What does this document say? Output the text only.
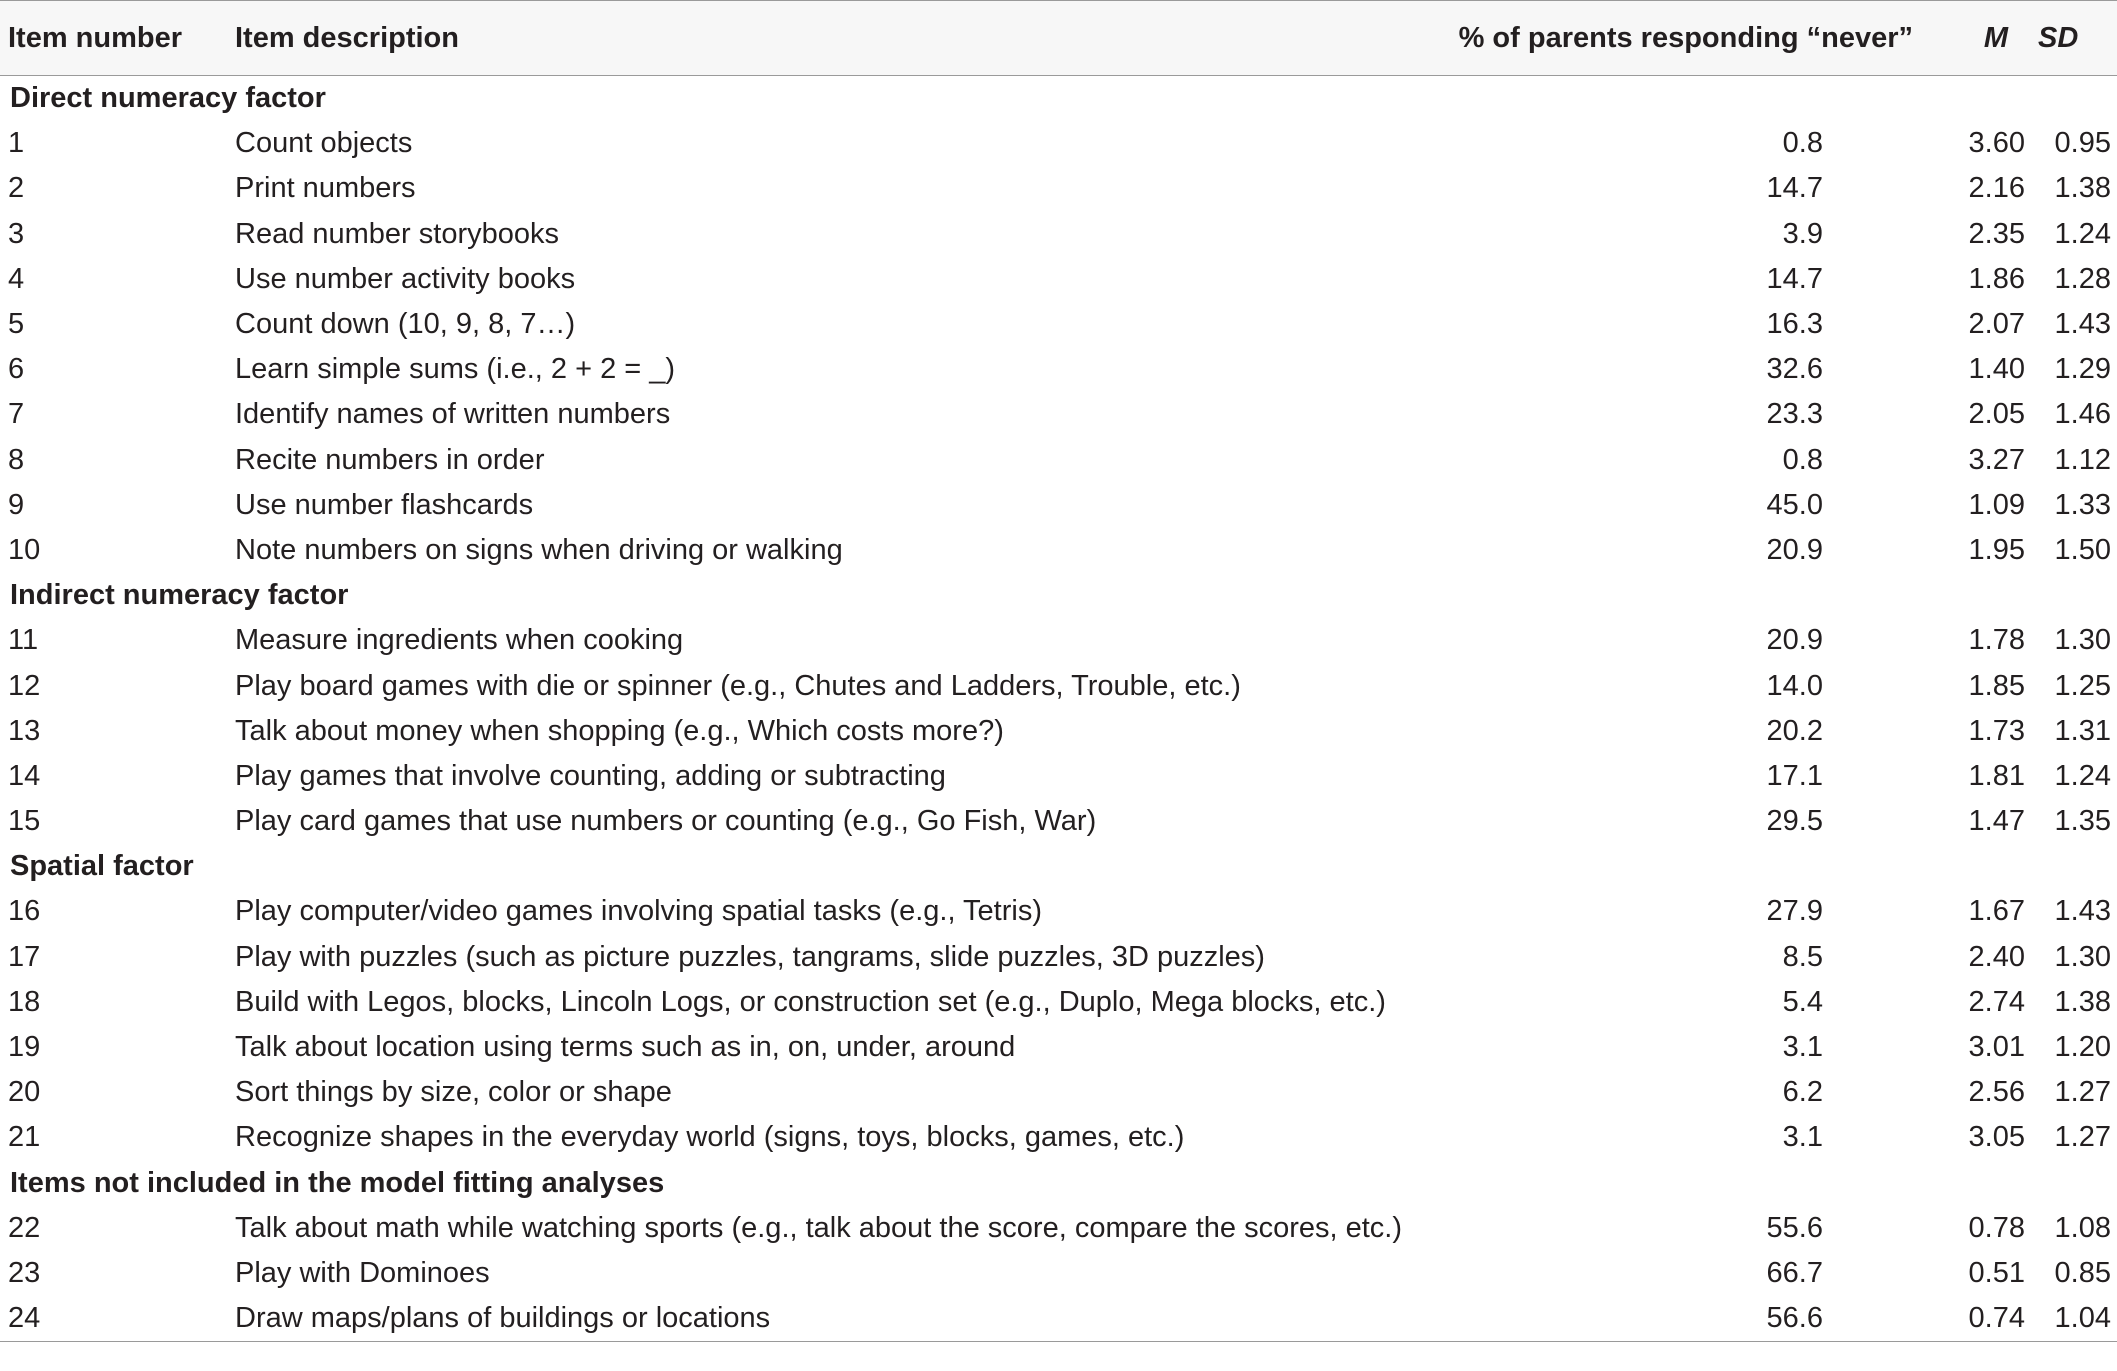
Item number	Item description	% of parents responding “never”	M	SD
Direct numeracy factor				
1	Count objects	0.8	3.60	0.95
2	Print numbers	14.7	2.16	1.38
3	Read number storybooks	3.9	2.35	1.24
4	Use number activity books	14.7	1.86	1.28
5	Count down (10, 9, 8, 7…)	16.3	2.07	1.43
6	Learn simple sums (i.e., 2 + 2 = _)	32.6	1.40	1.29
7	Identify names of written numbers	23.3	2.05	1.46
8	Recite numbers in order	0.8	3.27	1.12
9	Use number flashcards	45.0	1.09	1.33
10	Note numbers on signs when driving or walking	20.9	1.95	1.50
Indirect numeracy factor				
11	Measure ingredients when cooking	20.9	1.78	1.30
12	Play board games with die or spinner (e.g., Chutes and Ladders, Trouble, etc.)	14.0	1.85	1.25
13	Talk about money when shopping (e.g., Which costs more?)	20.2	1.73	1.31
14	Play games that involve counting, adding or subtracting	17.1	1.81	1.24
15	Play card games that use numbers or counting (e.g., Go Fish, War)	29.5	1.47	1.35
Spatial factor				
16	Play computer/video games involving spatial tasks (e.g., Tetris)	27.9	1.67	1.43
17	Play with puzzles (such as picture puzzles, tangrams, slide puzzles, 3D puzzles)	8.5	2.40	1.30
18	Build with Legos, blocks, Lincoln Logs, or construction set (e.g., Duplo, Mega blocks, etc.)	5.4	2.74	1.38
19	Talk about location using terms such as in, on, under, around	3.1	3.01	1.20
20	Sort things by size, color or shape	6.2	2.56	1.27
21	Recognize shapes in the everyday world (signs, toys, blocks, games, etc.)	3.1	3.05	1.27
Items not included in the model fitting analyses				
22	Talk about math while watching sports (e.g., talk about the score, compare the scores, etc.)	55.6	0.78	1.08
23	Play with Dominoes	66.7	0.51	0.85
24	Draw maps/plans of buildings or locations	56.6	0.74	1.04
